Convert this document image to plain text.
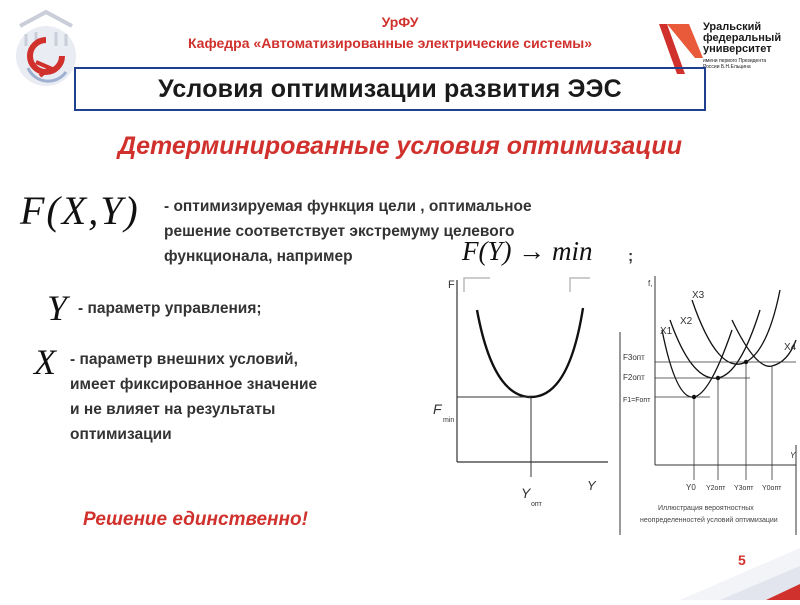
УрФУ
Кафедра «Автоматизированные электрические системы»
Уральский
федеральный
университет
имени первого Президента
России Б.Н.Ельцина
Условия оптимизации развития ЭЭС
Детерминированные условия оптимизации
F(X,Y) - оптимизируемая функция цели , оптимальное
решение соответствует экстремуму целевого
функционала, например	F(Y) → min ;
Y - параметр управления;
X - параметр внешних условий,
имеет фиксированное значение
и не влияет на результаты
оптимизации
F
Y
F
min
Y
опт
f,
Y
X1
X2
X3
X4
F3опт
F2опт
F1=Fопт
Y0 Y2опт Y3опт Y0опт
Иллюстрация вероятностных
неопределенностей условий оптимизации
Решение единственно!
5
